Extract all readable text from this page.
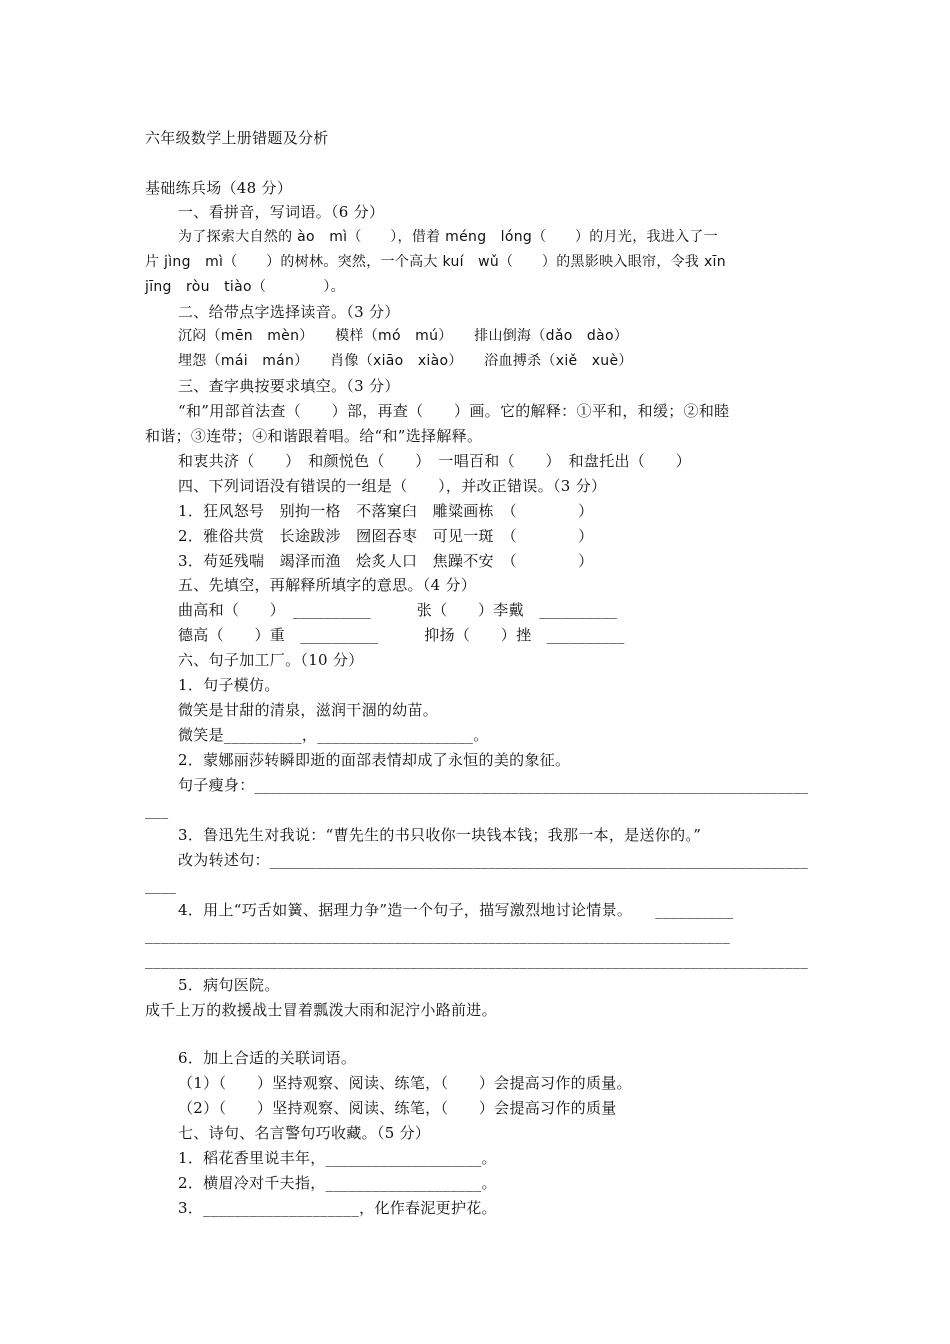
六年级数学上册错题及分析
基础练兵场（48 分）
一、看拼音，写词语。（6 分）
为了探索大自然的 ào　mì（　　），借着 méng　lóng（　　）的月光，我进入了一
片 jìng　mì（　　）的树林。突然，一个高大 kuí　wǔ（　　）的黑影映入眼帘，令我 xīn
jīng　ròu　tiào（　　　　）。
二、给带点字选择读音。（3 分）
沉闷（mēn　mèn）　　模样（mó　mú）　　排山倒海（dǎo　dào）
埋怨（mái　mán）　　肖像（xiāo　xiào）　　浴血搏杀（xiě　xuè）
三、查字典按要求填空。（3 分）
“和”用部首法查（　　）部，再查（　　）画。它的解释：①平和，和缓；②和睦
和谐；③连带；④和谐跟着唱。给“和”选择解释。
和衷共济（　　）　和颜悦色（　　）　一唱百和（　　）　和盘托出（　　）
四、下列词语没有错误的一组是（　　），并改正错误。（3 分）
1．狂风怒号　别拘一格　不落窠臼　雕粱画栋　（　　　　）
2．雅俗共赏　长途跋涉　囫囵吞枣　可见一斑　（　　　　）
3．苟延残喘　竭泽而渔　烩炙人口　焦躁不安　（　　　　）
五、先填空，再解释所填字的意思。（4 分）
曲高和（　　）　__________　　　张（　　）李戴　__________
德高（　　）重　__________　　　抑扬（　　）挫　__________
六、句子加工厂。（10 分）
1．句子模仿。
微笑是甘甜的清泉，滋润干涸的幼苗。
微笑是__________，____________________。
2．蒙娜丽莎转瞬即逝的面部表情却成了永恒的美的象征。
句子瘦身：_______________________________________________________________________
___
3．鲁迅先生对我说：“曹先生的书只收你一块钱本钱；我那一本，是送你的。”
改为转述句：_____________________________________________________________________
____
4．用上“巧舌如簧、据理力争”造一个句子，描写激烈地讨论情景。　　__________
___________________________________________________________________________
_____________________________________________________________________________________
5．病句医院。
成千上万的救援战士冒着瓢泼大雨和泥泞小路前进。
6．加上合适的关联词语。
（1）（　　）坚持观察、阅读、练笔，（　　）会提高习作的质量。
（2）（　　）坚持观察、阅读、练笔，（　　）会提高习作的质量
七、诗句、名言警句巧收藏。（5 分）
1．稻花香里说丰年，____________________。
2．横眉冷对千夫指，____________________。
3．____________________，化作春泥更护花。
